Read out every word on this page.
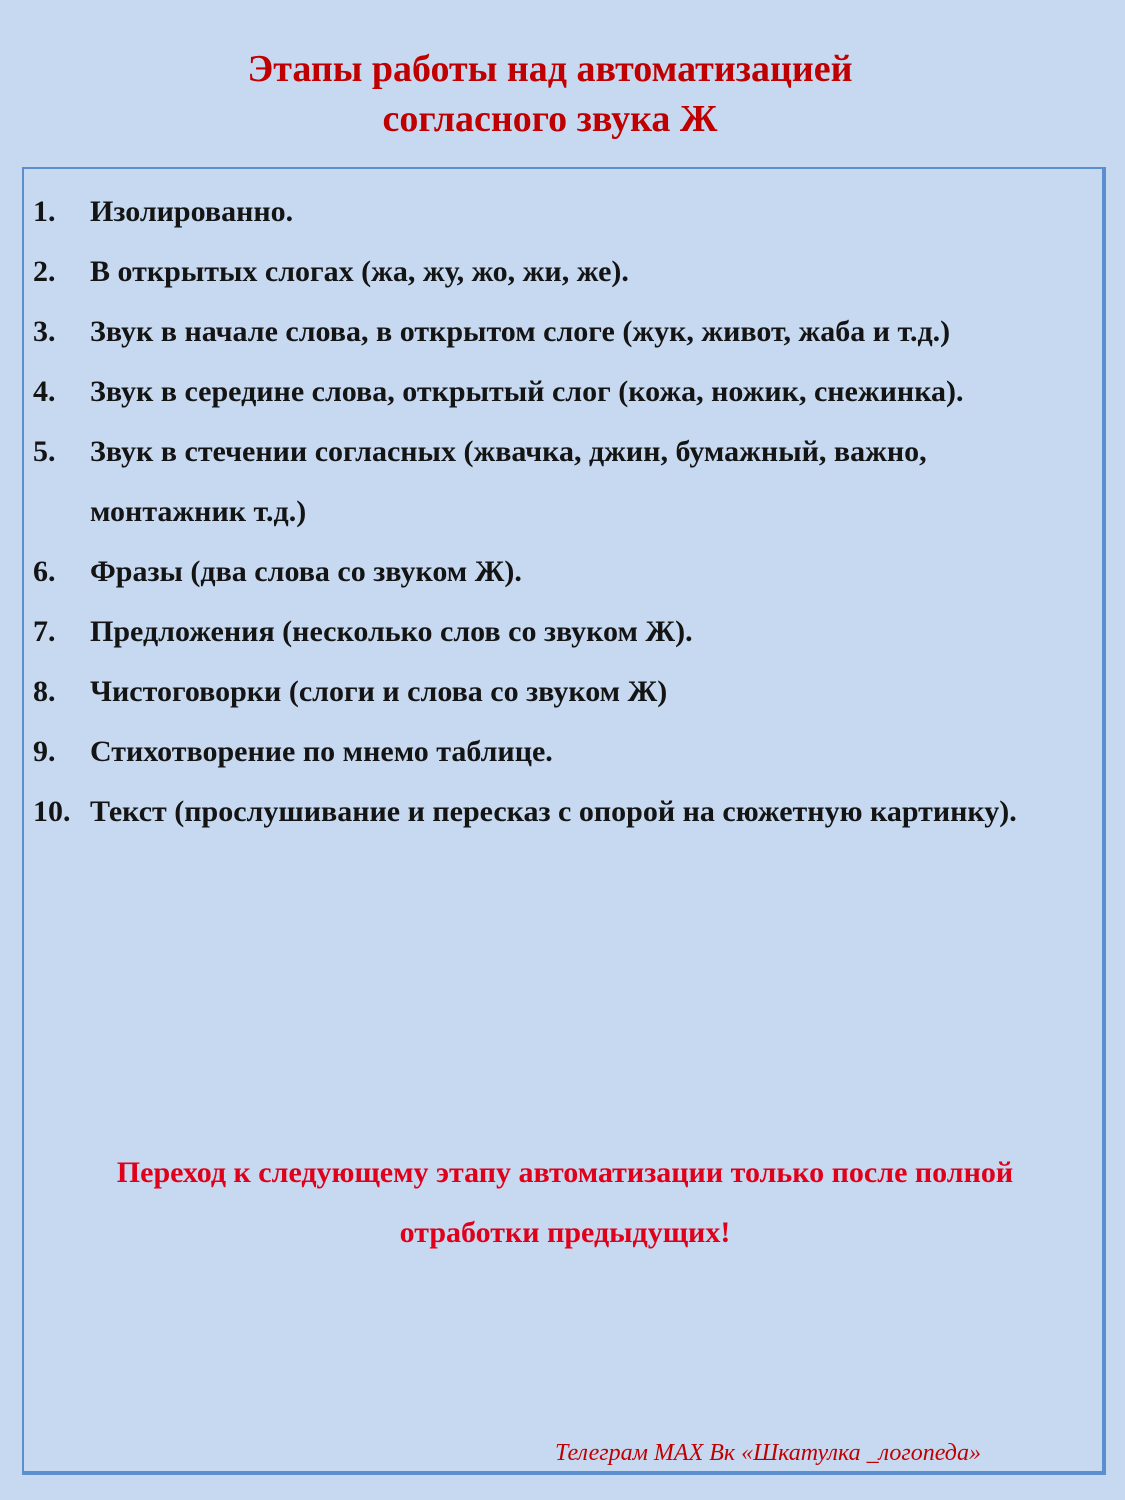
Этапы работы над автоматизацией
согласного звука Ж
1. Изолированно.
2. В открытых слогах (жа, жу, жо, жи, же).
3. Звук в начале слова, в открытом слоге (жук, живот, жаба и т.д.)
4. Звук в середине слова, открытый слог (кожа, ножик, снежинка).
5. Звук в стечении согласных (жвачка, джин, бумажный, важно, монтажник т.д.)
6. Фразы (два слова со звуком Ж).
7. Предложения (несколько слов со звуком Ж).
8. Чистоговорки (слоги и слова со звуком Ж)
9. Стихотворение по мнемо таблице.
10. Текст (прослушивание и пересказ с опорой на сюжетную картинку).
Переход к следующему этапу автоматизации только после полной отработки предыдущих!
Телеграм MAX Вк «Шкатулка _логопеда»
